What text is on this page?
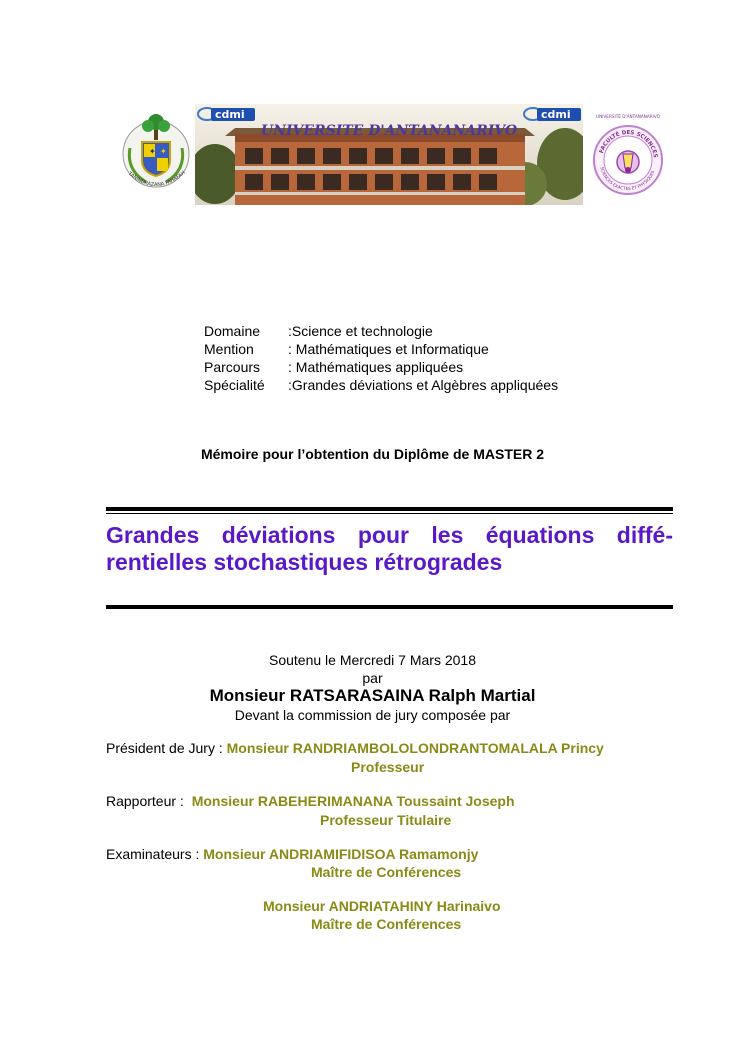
✦ ✦
TANINDRAZANA FAHAFAH
cdmi	cdmi
UNIVERSITE D'ANTANANARIVO
UNIVERSITÉ D'ANTANANARIVO
FACULTÉ DES SCIENCES
SCIENCES EXACTES ET PHYSIQUES
Domaine	:Science et technologie
Mention	: Mathématiques et Informatique
Parcours	: Mathématiques appliquées
Spécialité	:Grandes déviations et Algèbres appliquées
Mémoire pour l’obtention du Diplôme de MASTER 2
Grandes déviations pour les équations diffé-rentielles stochastiques rétrogrades
Soutenu le Mercredi 7 Mars 2018
par
Monsieur RATSARASAINA Ralph Martial
Devant la commission de jury composée par
Président de Jury : Monsieur RANDRIAMBOLOLONDRANTOMALALA Princy
Professeur
Rapporteur : Monsieur RABEHERIMANANA Toussaint Joseph
Professeur Titulaire
Examinateurs : Monsieur ANDRIAMIFIDISOA Ramamonjy
Maître de Conférences
Monsieur ANDRIATAHINY Harinaivo
Maître de Conférences
